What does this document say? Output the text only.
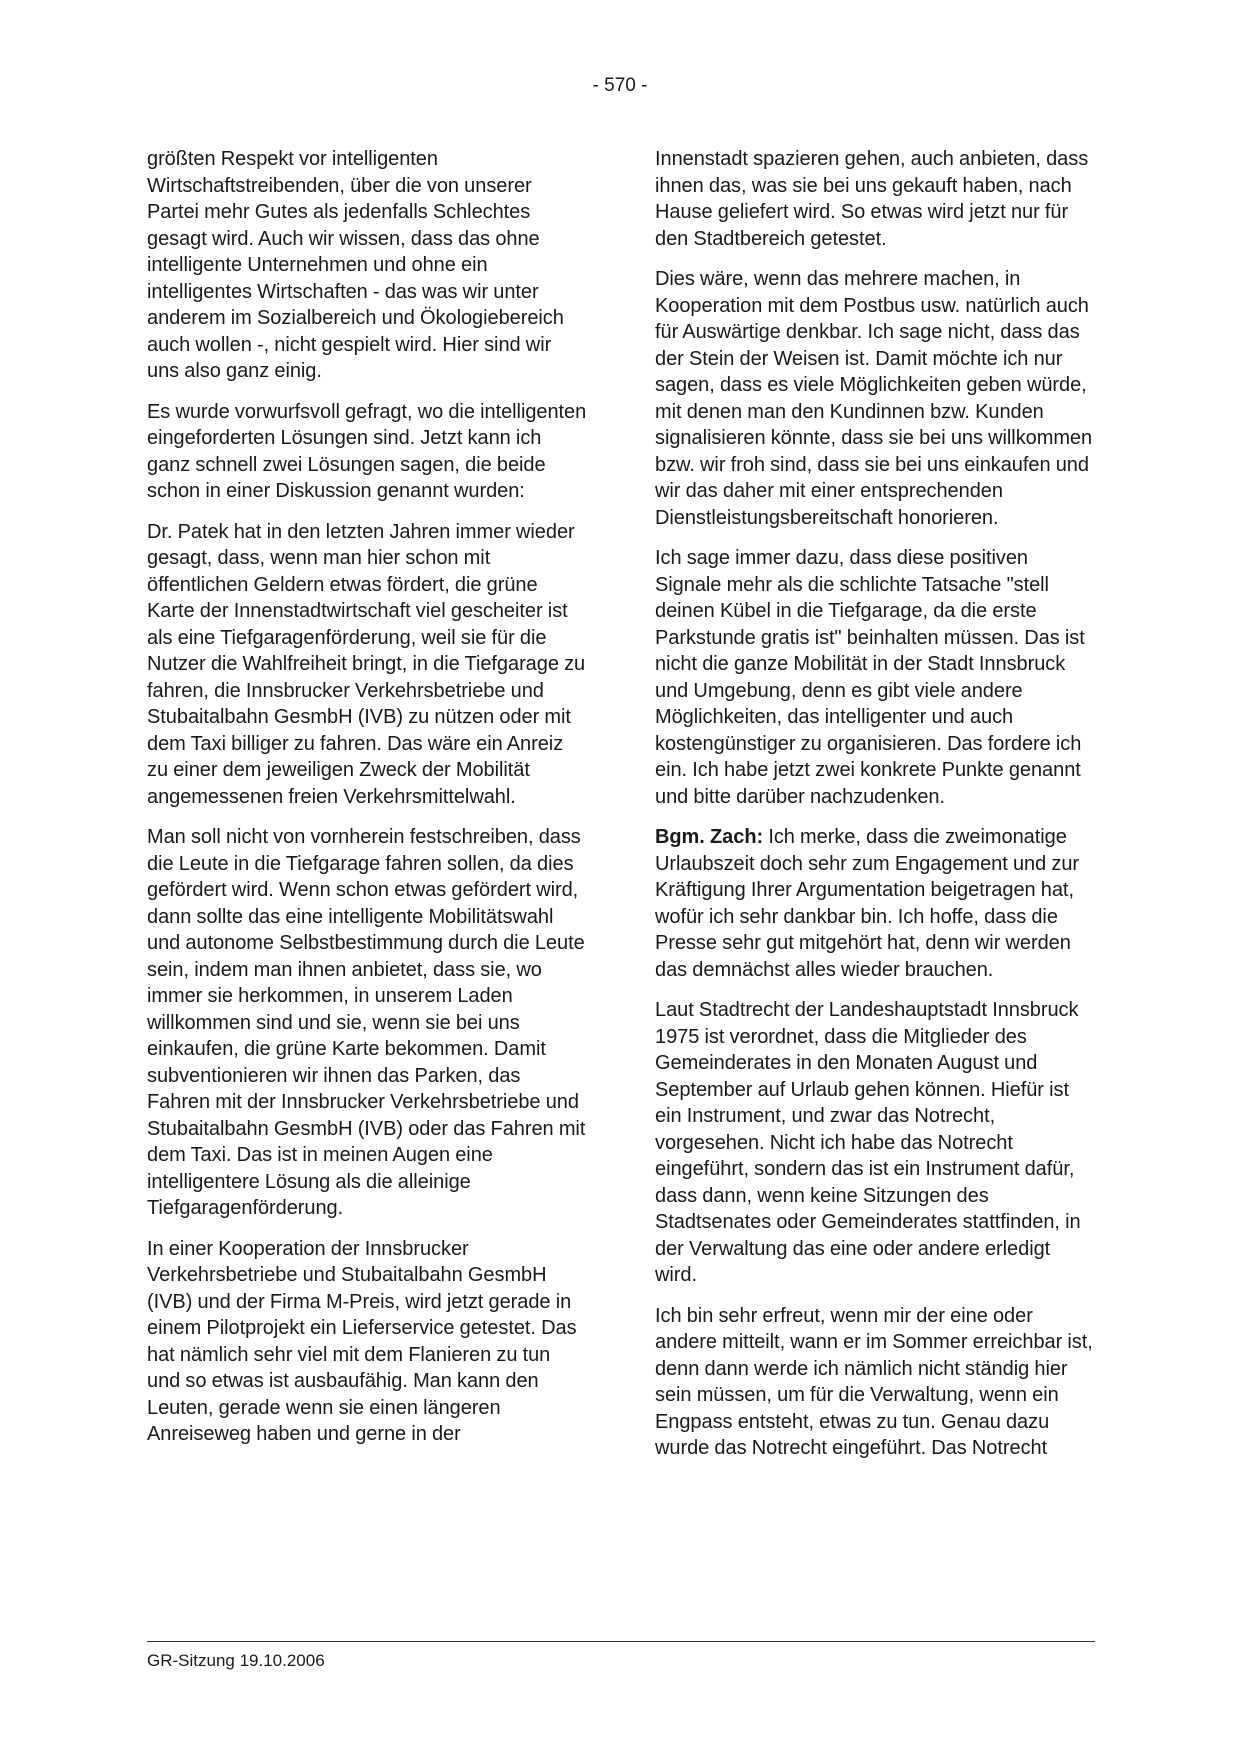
- 570 -

größten Respekt vor intelligenten Wirtschaftstreibenden, über die von unserer Partei mehr Gutes als jedenfalls Schlechtes gesagt wird. Auch wir wissen, dass das ohne intelligente Unternehmen und ohne ein intelligentes Wirtschaften - das was wir unter anderem im Sozialbereich und Ökologiebereich auch wollen -, nicht gespielt wird. Hier sind wir uns also ganz einig.

Es wurde vorwurfsvoll gefragt, wo die intelligenten eingeforderten Lösungen sind. Jetzt kann ich ganz schnell zwei Lösungen sagen, die beide schon in einer Diskussion genannt wurden:

Dr. Patek hat in den letzten Jahren immer wieder gesagt, dass, wenn man hier schon mit öffentlichen Geldern etwas fördert, die grüne Karte der Innenstadtwirtschaft viel gescheiter ist als eine Tiefgaragenförderung, weil sie für die Nutzer die Wahlfreiheit bringt, in die Tiefgarage zu fahren, die Innsbrucker Verkehrsbetriebe und Stubaitalbahn GesmbH (IVB) zu nützen oder mit dem Taxi billiger zu fahren. Das wäre ein Anreiz zu einer dem jeweiligen Zweck der Mobilität angemessenen freien Verkehrsmittelwahl.

Man soll nicht von vornherein festschreiben, dass die Leute in die Tiefgarage fahren sollen, da dies gefördert wird. Wenn schon etwas gefördert wird, dann sollte das eine intelligente Mobilitätswahl und autonome Selbstbestimmung durch die Leute sein, indem man ihnen anbietet, dass sie, wo immer sie herkommen, in unserem Laden willkommen sind und sie, wenn sie bei uns einkaufen, die grüne Karte bekommen. Damit subventionieren wir ihnen das Parken, das Fahren mit der Innsbrucker Verkehrsbetriebe und Stubaitalbahn GesmbH (IVB) oder das Fahren mit dem Taxi. Das ist in meinen Augen eine intelligentere Lösung als die alleinige Tiefgaragenförderung.

In einer Kooperation der Innsbrucker Verkehrsbetriebe und Stubaitalbahn GesmbH (IVB) und der Firma M-Preis, wird jetzt gerade in einem Pilotprojekt ein Lieferservice getestet. Das hat nämlich sehr viel mit dem Flanieren zu tun und so etwas ist ausbaufähig. Man kann den Leuten, gerade wenn sie einen längeren Anreiseweg haben und gerne in der

Innenstadt spazieren gehen, auch anbieten, dass ihnen das, was sie bei uns gekauft haben, nach Hause geliefert wird. So etwas wird jetzt nur für den Stadtbereich getestet.

Dies wäre, wenn das mehrere machen, in Kooperation mit dem Postbus usw. natürlich auch für Auswärtige denkbar. Ich sage nicht, dass das der Stein der Weisen ist. Damit möchte ich nur sagen, dass es viele Möglichkeiten geben würde, mit denen man den Kundinnen bzw. Kunden signalisieren könnte, dass sie bei uns willkommen bzw. wir froh sind, dass sie bei uns einkaufen und wir das daher mit einer entsprechenden Dienstleistungsbereitschaft honorieren.

Ich sage immer dazu, dass diese positiven Signale mehr als die schlichte Tatsache "stell deinen Kübel in die Tiefgarage, da die erste Parkstunde gratis ist" beinhalten müssen. Das ist nicht die ganze Mobilität in der Stadt Innsbruck und Umgebung, denn es gibt viele andere Möglichkeiten, das intelligenter und auch kostengünstiger zu organisieren. Das fordere ich ein. Ich habe jetzt zwei konkrete Punkte genannt und bitte darüber nachzudenken.

Bgm. Zach: Ich merke, dass die zweimonatige Urlaubszeit doch sehr zum Engagement und zur Kräftigung Ihrer Argumentation beigetragen hat, wofür ich sehr dankbar bin. Ich hoffe, dass die Presse sehr gut mitgehört hat, denn wir werden das demnächst alles wieder brauchen.

Laut Stadtrecht der Landeshauptstadt Innsbruck 1975 ist verordnet, dass die Mitglieder des Gemeinderates in den Monaten August und September auf Urlaub gehen können. Hiefür ist ein Instrument, und zwar das Notrecht, vorgesehen. Nicht ich habe das Notrecht eingeführt, sondern das ist ein Instrument dafür, dass dann, wenn keine Sitzungen des Stadtsenates oder Gemeinderates stattfinden, in der Verwaltung das eine oder andere erledigt wird.

Ich bin sehr erfreut, wenn mir der eine oder andere mitteilt, wann er im Sommer erreichbar ist, denn dann werde ich nämlich nicht ständig hier sein müssen, um für die Verwaltung, wenn ein Engpass entsteht, etwas zu tun. Genau dazu wurde das Notrecht eingeführt. Das Notrecht

GR-Sitzung 19.10.2006
